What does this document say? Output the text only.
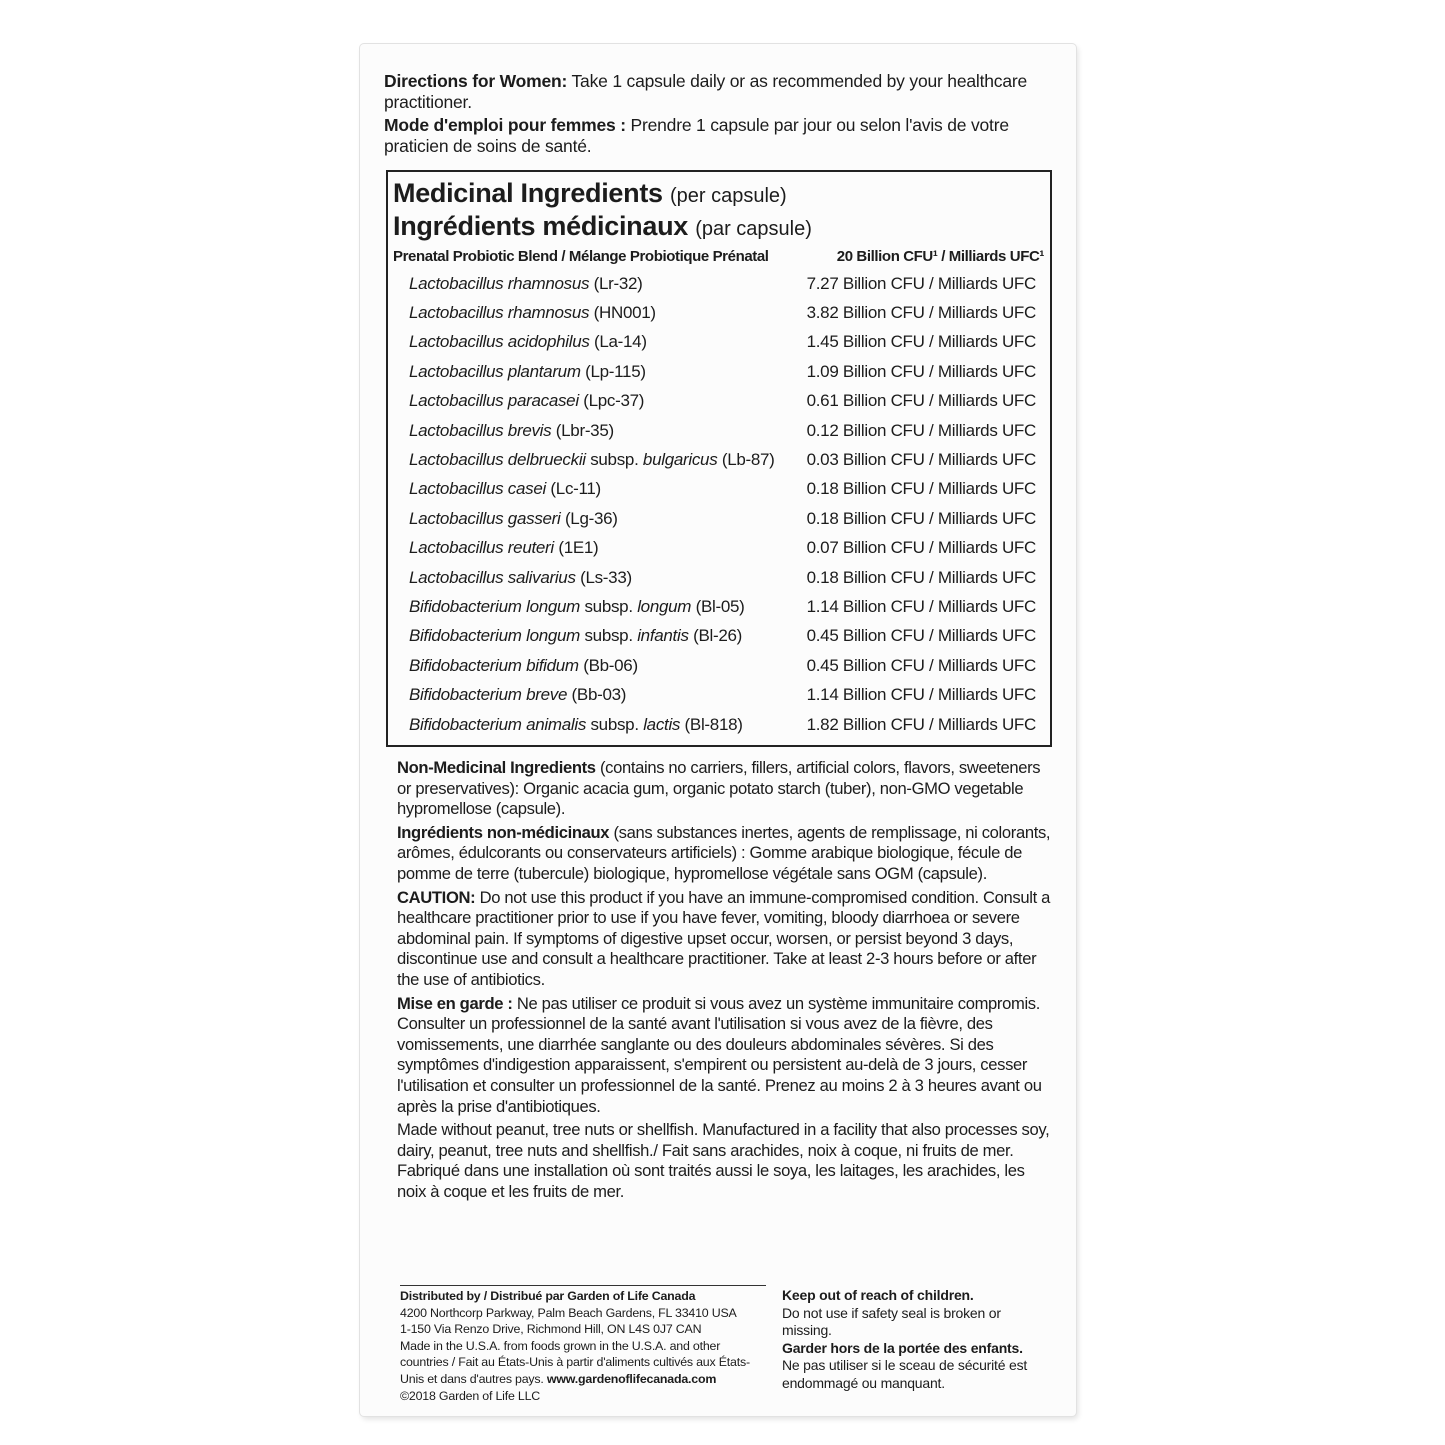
Directions for Women: Take 1 capsule daily or as recommended by your healthcare practitioner.

Mode d'emploi pour femmes : Prendre 1 capsule par jour ou selon l'avis de votre praticien de soins de santé.

Medicinal Ingredients (per capsule)

Ingrédients médicinaux (par capsule)

Prenatal Probiotic Blend / Mélange Probiotique Prénatal	20 Billion CFU¹ / Milliards UFC¹
Lactobacillus rhamnosus (Lr-32)	7.27 Billion CFU / Milliards UFC
Lactobacillus rhamnosus (HN001)	3.82 Billion CFU / Milliards UFC
Lactobacillus acidophilus (La-14)	1.45 Billion CFU / Milliards UFC
Lactobacillus plantarum (Lp-115)	1.09 Billion CFU / Milliards UFC
Lactobacillus paracasei (Lpc-37)	0.61 Billion CFU / Milliards UFC
Lactobacillus brevis (Lbr-35)	0.12 Billion CFU / Milliards UFC
Lactobacillus delbrueckii subsp. bulgaricus (Lb-87) 0.03 Billion CFU / Milliards UFC
Lactobacillus casei (Lc-11)	0.18 Billion CFU / Milliards UFC
Lactobacillus gasseri (Lg-36)	0.18 Billion CFU / Milliards UFC
Lactobacillus reuteri (1E1)	0.07 Billion CFU / Milliards UFC
Lactobacillus salivarius (Ls-33)	0.18 Billion CFU / Milliards UFC
Bifidobacterium longum subsp. longum (Bl-05)	1.14 Billion CFU / Milliards UFC
Bifidobacterium longum subsp. infantis (Bl-26)	0.45 Billion CFU / Milliards UFC
Bifidobacterium bifidum (Bb-06)	0.45 Billion CFU / Milliards UFC
Bifidobacterium breve (Bb-03)	1.14 Billion CFU / Milliards UFC
Bifidobacterium animalis subsp. lactis (Bl-818)	1.82 Billion CFU / Milliards UFC

Non-Medicinal Ingredients (contains no carriers, fillers, artificial colors, flavors, sweeteners or preservatives): Organic acacia gum, organic potato starch (tuber), non-GMO vegetable hypromellose (capsule).

Ingrédients non-médicinaux (sans substances inertes, agents de remplissage, ni colorants, arômes, édulcorants ou conservateurs artificiels) : Gomme arabique biologique, fécule de pomme de terre (tubercule) biologique, hypromellose végétale sans OGM (capsule).

CAUTION: Do not use this product if you have an immune-compromised condition. Consult a healthcare practitioner prior to use if you have fever, vomiting, bloody diarrhoea or severe abdominal pain. If symptoms of digestive upset occur, worsen, or persist beyond 3 days, discontinue use and consult a healthcare practitioner. Take at least 2-3 hours before or after the use of antibiotics.

Mise en garde : Ne pas utiliser ce produit si vous avez un système immunitaire compromis. Consulter un professionnel de la santé avant l'utilisation si vous avez de la fièvre, des vomissements, une diarrhée sanglante ou des douleurs abdominales sévères. Si des symptômes d'indigestion apparaissent, s'empirent ou persistent au-delà de 3 jours, cesser l'utilisation et consulter un professionnel de la santé. Prenez au moins 2 à 3 heures avant ou après la prise d'antibiotiques.

Made without peanut, tree nuts or shellfish. Manufactured in a facility that also processes soy, dairy, peanut, tree nuts and shellfish./ Fait sans arachides, noix à coque, ni fruits de mer. Fabriqué dans une installation où sont traités aussi le soya, les laitages, les arachides, les noix à coque et les fruits de mer.

Distributed by / Distribué par Garden of Life Canada

4200 Northcorp Parkway, Palm Beach Gardens, FL 33410 USA

1-150 Via Renzo Drive, Richmond Hill, ON L4S 0J7 CAN

Made in the U.S.A. from foods grown in the U.S.A. and other countries / Fait au États-Unis à partir d'aliments cultivés aux États-Unis et dans d'autres pays. www.gardenoflifecanada.com

©2018 Garden of Life LLC

Keep out of reach of children.

Do not use if safety seal is broken or missing.

Garder hors de la portée des enfants.

Ne pas utiliser si le sceau de sécurité est endommagé ou manquant.
